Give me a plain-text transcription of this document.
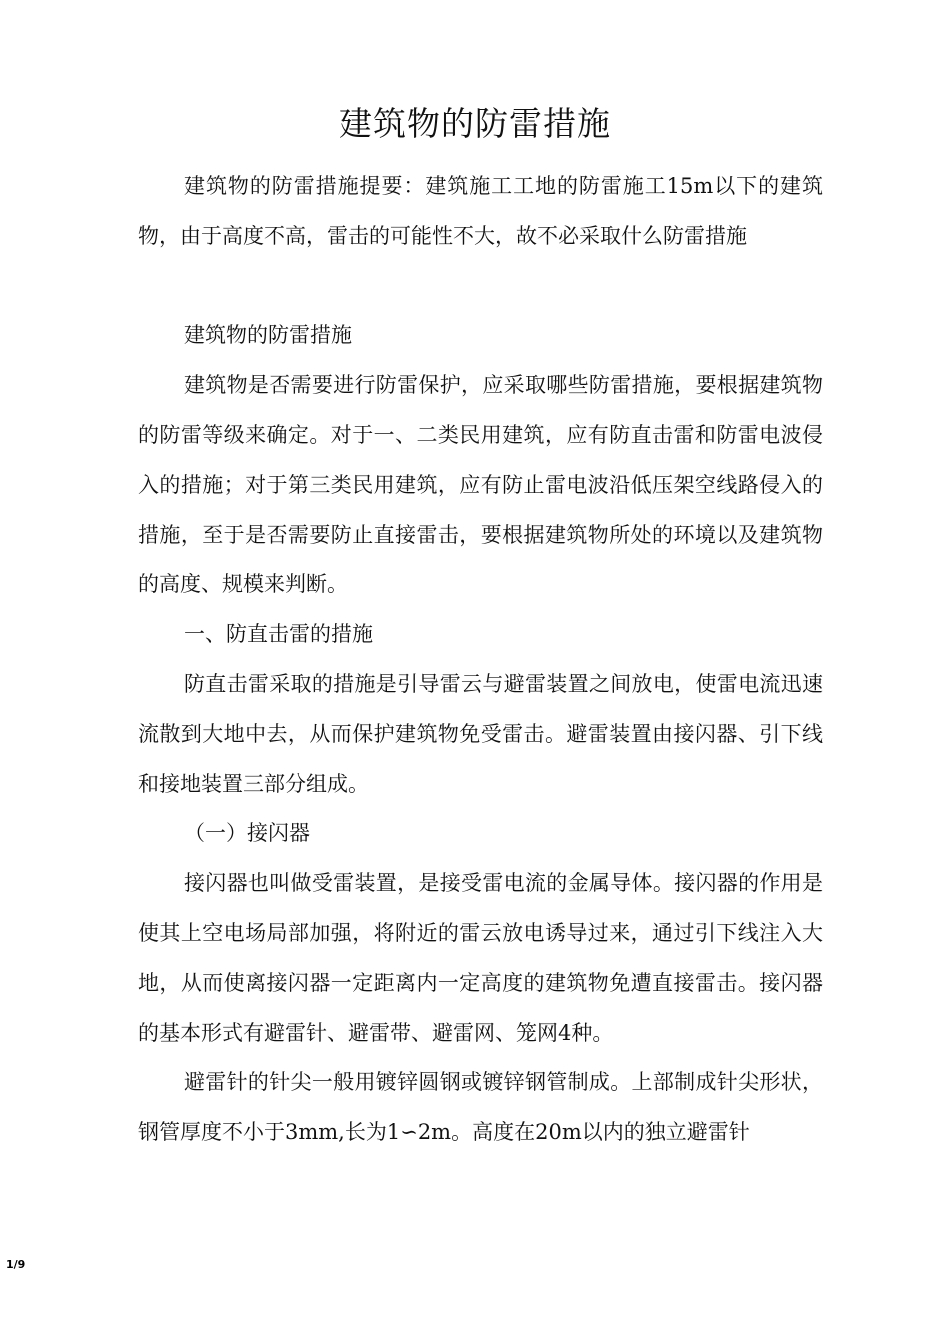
建筑物的防雷措施

建筑物的防雷措施提要：建筑施工工地的防雷施工15m以下的建筑物，由于高度不高，雷击的可能性不大，故不必采取什么防雷措施

建筑物的防雷措施

建筑物是否需要进行防雷保护，应采取哪些防雷措施，要根据建筑物的防雷等级来确定。对于一、二类民用建筑，应有防直击雷和防雷电波侵入的措施；对于第三类民用建筑，应有防止雷电波沿低压架空线路侵入的措施，至于是否需要防止直接雷击，要根据建筑物所处的环境以及建筑物的高度、规模来判断。

一、防直击雷的措施

防直击雷采取的措施是引导雷云与避雷装置之间放电，使雷电流迅速流散到大地中去，从而保护建筑物免受雷击。避雷装置由接闪器、引下线和接地装置三部分组成。

（一）接闪器

接闪器也叫做受雷装置，是接受雷电流的金属导体。接闪器的作用是使其上空电场局部加强，将附近的雷云放电诱导过来，通过引下线注入大地，从而使离接闪器一定距离内一定高度的建筑物免遭直接雷击。接闪器的基本形式有避雷针、避雷带、避雷网、笼网4种。

避雷针的针尖一般用镀锌圆钢或镀锌钢管制成。上部制成针尖形状，钢管厚度不小于3mm,长为1∽2m。高度在20m以内的独立避雷针

1/9
